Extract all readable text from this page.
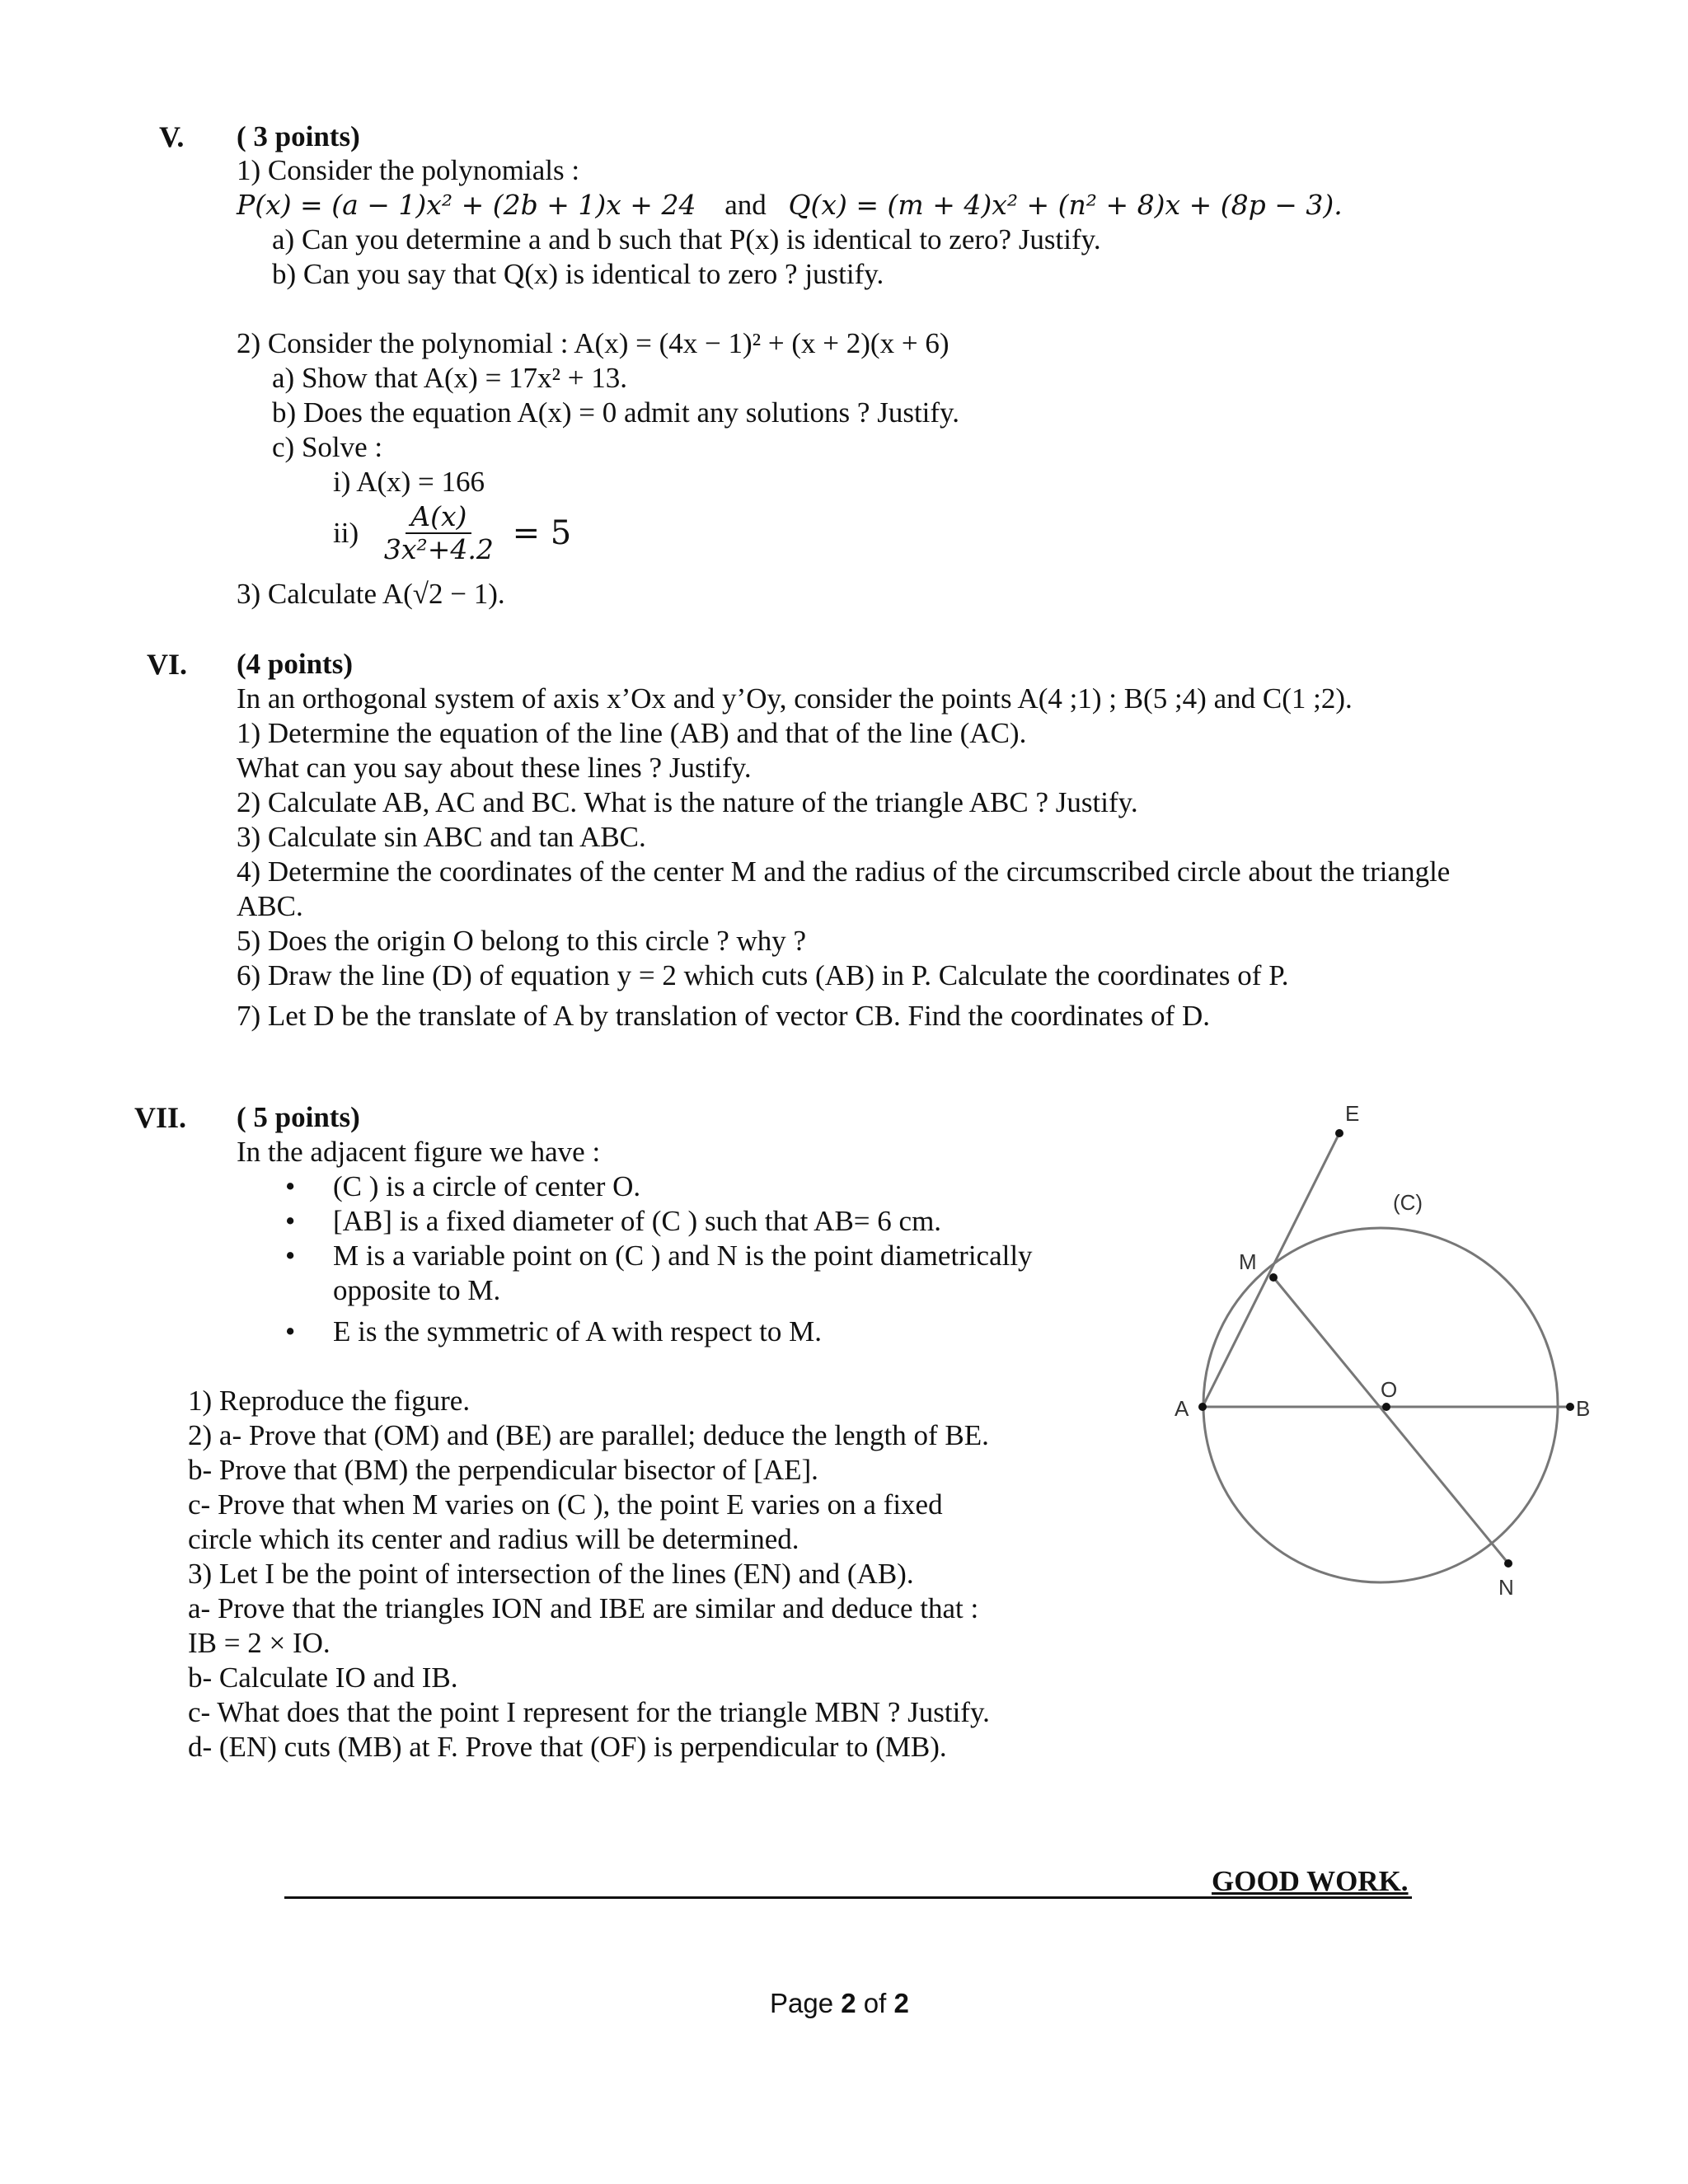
V. ( 3 points)
1) Consider the polynomials :
P(x) = (a − 1)x² + (2b + 1)x + 24 and Q(x) = (m + 4)x² + (n² + 8)x + (8p − 3).
a) Can you determine a and b such that P(x) is identical to zero? Justify.
b) Can you say that Q(x) is identical to zero ? justify.
2) Consider the polynomial : A(x) = (4x − 1)² + (x + 2)(x + 6)
a) Show that A(x) = 17x² + 13.
b) Does the equation A(x) = 0 admit any solutions ? Justify.
c) Solve :
i) A(x) = 166
$ii) \frac{A(x)}{\text{3x²+4.2}} = 5$
3) Calculate A(√2 − 1).
VI. (4 points)
In an orthogonal system of axis x’Ox and y’Oy, consider the points A(4 ;1) ; B(5 ;4) and C(1 ;2).
1) Determine the equation of the line (AB) and that of the line (AC).
What can you say about these lines ? Justify.
2) Calculate AB, AC and BC. What is the nature of the triangle ABC ? Justify.
3) Calculate sin ABC and tan ABC.
4) Determine the coordinates of the center M and the radius of the circumscribed circle about the triangle
ABC.
5) Does the origin O belong to this circle ? why ?
6) Draw the line (D) of equation y = 2 which cuts (AB) in P. Calculate the coordinates of P.
7) Let D be the translate of A by translation of vector CB. Find the coordinates of D.
VII. ( 5 points)
In the adjacent figure we have :
• (C ) is a circle of center O.
• [AB] is a fixed diameter of (C ) such that AB= 6 cm.
• M is a variable point on (C ) and N is the point diametrically
opposite to M.
• E is the symmetric of A with respect to M.
1) Reproduce the figure.
2) a- Prove that (OM) and (BE) are parallel; deduce the length of BE.
b- Prove that (BM) the perpendicular bisector of [AE].
c- Prove that when M varies on (C ), the point E varies on a fixed
circle which its center and radius will be determined.
3) Let I be the point of intersection of the lines (EN) and (AB).
a- Prove that the triangles ION and IBE are similar and deduce that :
IB = 2 × IO.
b- Calculate IO and IB.
c- What does that the point I represent for the triangle MBN ? Justify.
d- (EN) cuts (MB) at F. Prove that (OF) is perpendicular to (MB).
E
(C)
M
O
A	B
N
GOOD WORK.
Page 2 of 2
